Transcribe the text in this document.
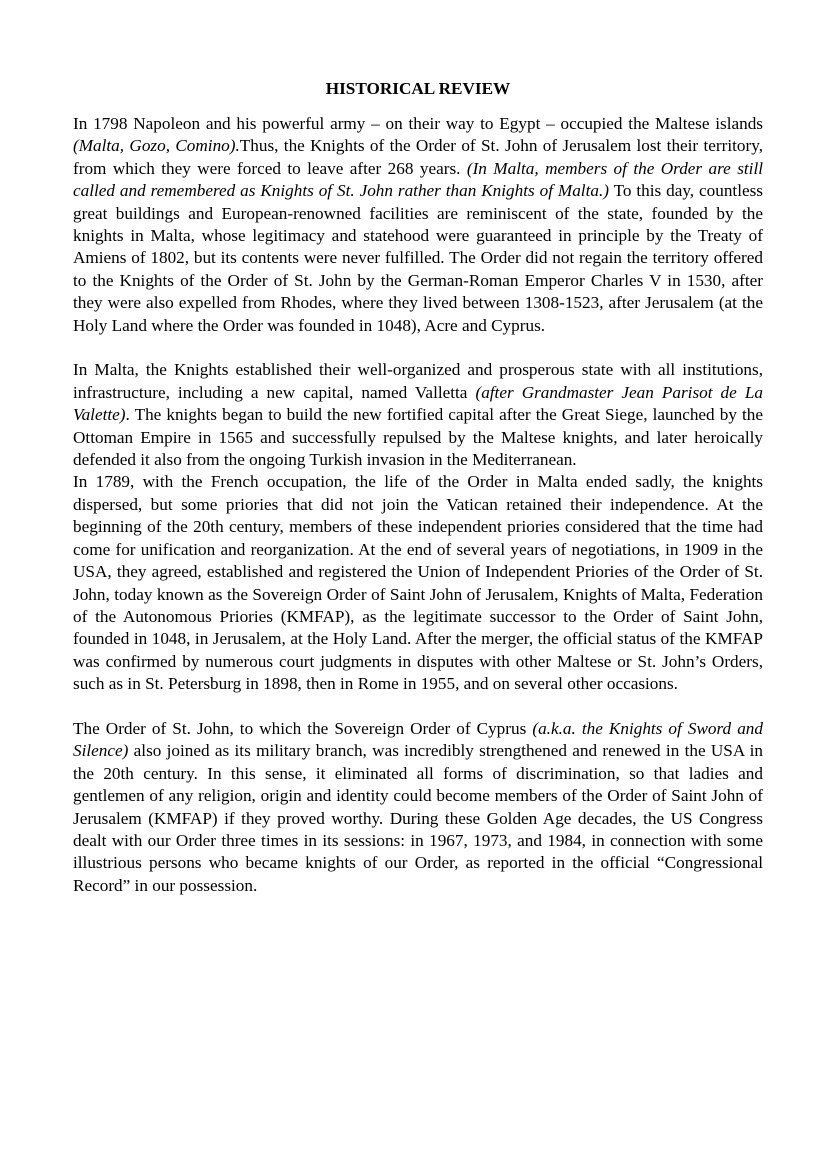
HISTORICAL REVIEW

In 1798 Napoleon and his powerful army – on their way to Egypt – occupied the Maltese islands (Malta, Gozo, Comino).Thus, the Knights of the Order of St. John of Jerusalem lost their territory, from which they were forced to leave after 268 years. (In Malta, members of the Order are still called and remembered as Knights of St. John rather than Knights of Malta.) To this day, countless great buildings and European-renowned facilities are reminiscent of the state, founded by the knights in Malta, whose legitimacy and statehood were guaranteed in principle by the Treaty of Amiens of 1802, but its contents were never fulfilled. The Order did not regain the territory offered to the Knights of the Order of St. John by the German-Roman Emperor Charles V in 1530, after they were also expelled from Rhodes, where they lived between 1308-1523, after Jerusalem (at the Holy Land where the Order was founded in 1048), Acre and Cyprus.

In Malta, the Knights established their well-organized and prosperous state with all institutions, infrastructure, including a new capital, named Valletta (after Grandmaster Jean Parisot de La Valette). The knights began to build the new fortified capital after the Great Siege, launched by the Ottoman Empire in 1565 and successfully repulsed by the Maltese knights, and later heroically defended it also from the ongoing Turkish invasion in the Mediterranean.

In 1789, with the French occupation, the life of the Order in Malta ended sadly, the knights dispersed, but some priories that did not join the Vatican retained their independence. At the beginning of the 20th century, members of these independent priories considered that the time had come for unification and reorganization. At the end of several years of negotiations, in 1909 in the USA, they agreed, established and registered the Union of Independent Priories of the Order of St. John, today known as the Sovereign Order of Saint John of Jerusalem, Knights of Malta, Federation of the Autonomous Priories (KMFAP), as the legitimate successor to the Order of Saint John, founded in 1048, in Jerusalem, at the Holy Land. After the merger, the official status of the KMFAP was confirmed by numerous court judgments in disputes with other Maltese or St. John’s Orders, such as in St. Petersburg in 1898, then in Rome in 1955, and on several other occasions.

The Order of St. John, to which the Sovereign Order of Cyprus (a.k.a. the Knights of Sword and Silence) also joined as its military branch, was incredibly strengthened and renewed in the USA in the 20th century. In this sense, it eliminated all forms of discrimination, so that ladies and gentlemen of any religion, origin and identity could become members of the Order of Saint John of Jerusalem (KMFAP) if they proved worthy. During these Golden Age decades, the US Congress dealt with our Order three times in its sessions: in 1967, 1973, and 1984, in connection with some illustrious persons who became knights of our Order, as reported in the official “Congressional Record” in our possession.
